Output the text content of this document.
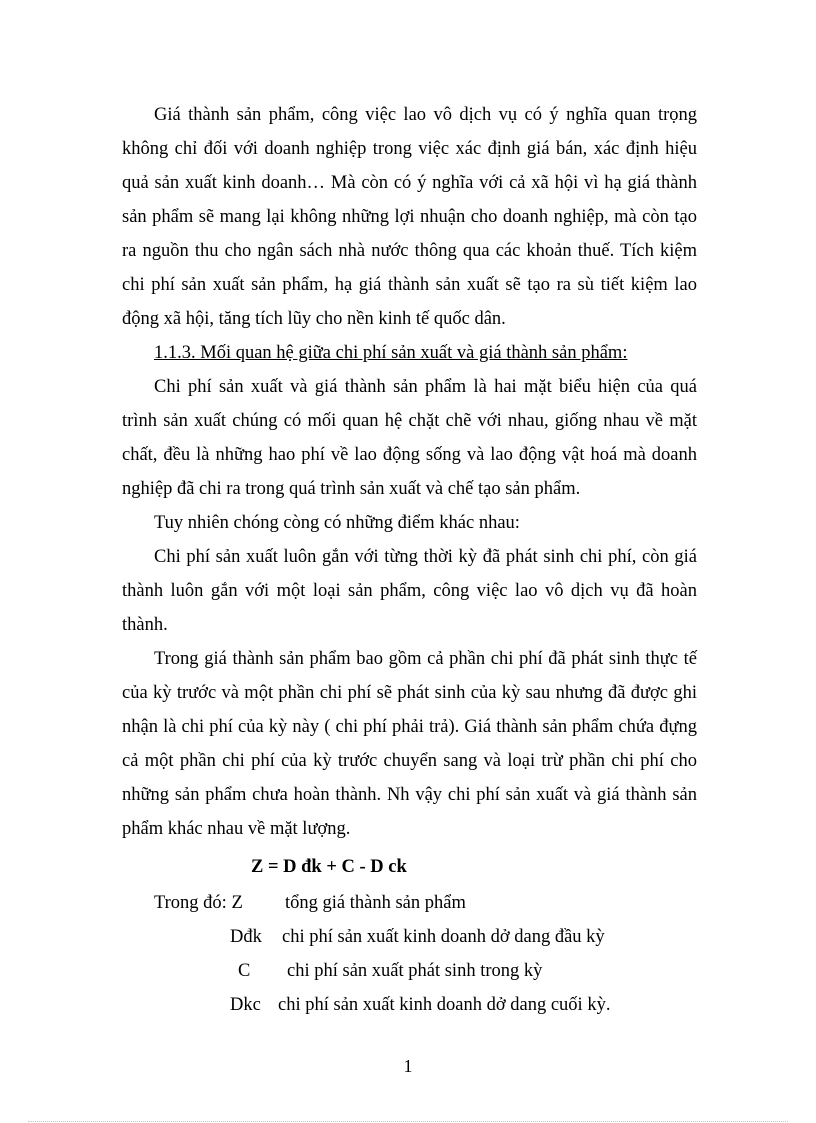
Giá thành sản phẩm, công việc lao vô dịch vụ có ý nghĩa quan trọng
không chỉ đối với doanh nghiệp trong việc xác định giá bán, xác định hiệu
quả sản xuất kinh doanh… Mà còn có ý nghĩa với cả xã hội vì hạ giá thành
sản phẩm sẽ mang lại không những lợi nhuận cho doanh nghiệp, mà còn tạo
ra nguồn thu cho ngân sách nhà nước thông qua các khoản thuế. Tích kiệm
chi phí sản xuất sản phẩm, hạ giá thành sản xuất sẽ tạo ra sù tiết kiệm lao
động xã hội, tăng tích lũy cho nền kinh tế quốc dân.
1.1.3. Mối quan hệ giữa chi phí sản xuất và giá thành sản phẩm:
Chi phí sản xuất và giá thành sản phẩm là hai mặt biểu hiện của quá
trình sản xuất chúng có mối quan hệ chặt chẽ với nhau, giống nhau về mặt
chất, đều là những hao phí về lao động sống và lao động vật hoá mà doanh
nghiệp đã chi ra trong quá trình sản xuất và chế tạo sản phẩm.
Tuy nhiên chóng còng có những điểm khác nhau:
Chi phí sản xuất luôn gắn với từng thời kỳ đã phát sinh chi phí, còn giá
thành luôn gắn với một loại sản phẩm, công việc lao vô dịch vụ đã hoàn
thành.
Trong giá thành sản phẩm bao gồm cả phần chi phí đã phát sinh thực tế
của kỳ trước và một phần chi phí sẽ phát sinh của kỳ sau nhưng đã được ghi
nhận là chi phí của kỳ này ( chi phí phải trả). Giá thành sản phẩm chứa đựng
cả một phần chi phí của kỳ trước chuyển sang và loại trừ phần chi phí cho
những sản phẩm chưa hoàn thành. Nh vậy chi phí sản xuất và giá thành sản
phẩm khác nhau về mặt lượng.
Z = D đk + C - D ck
Trong đó: Z tổng giá thành sản phẩm
Dđk chi phí sản xuất kinh doanh dở dang đầu kỳ
C chi phí sản xuất phát sinh trong kỳ
Dkc chi phí sản xuất kinh doanh dở dang cuối kỳ.
1
